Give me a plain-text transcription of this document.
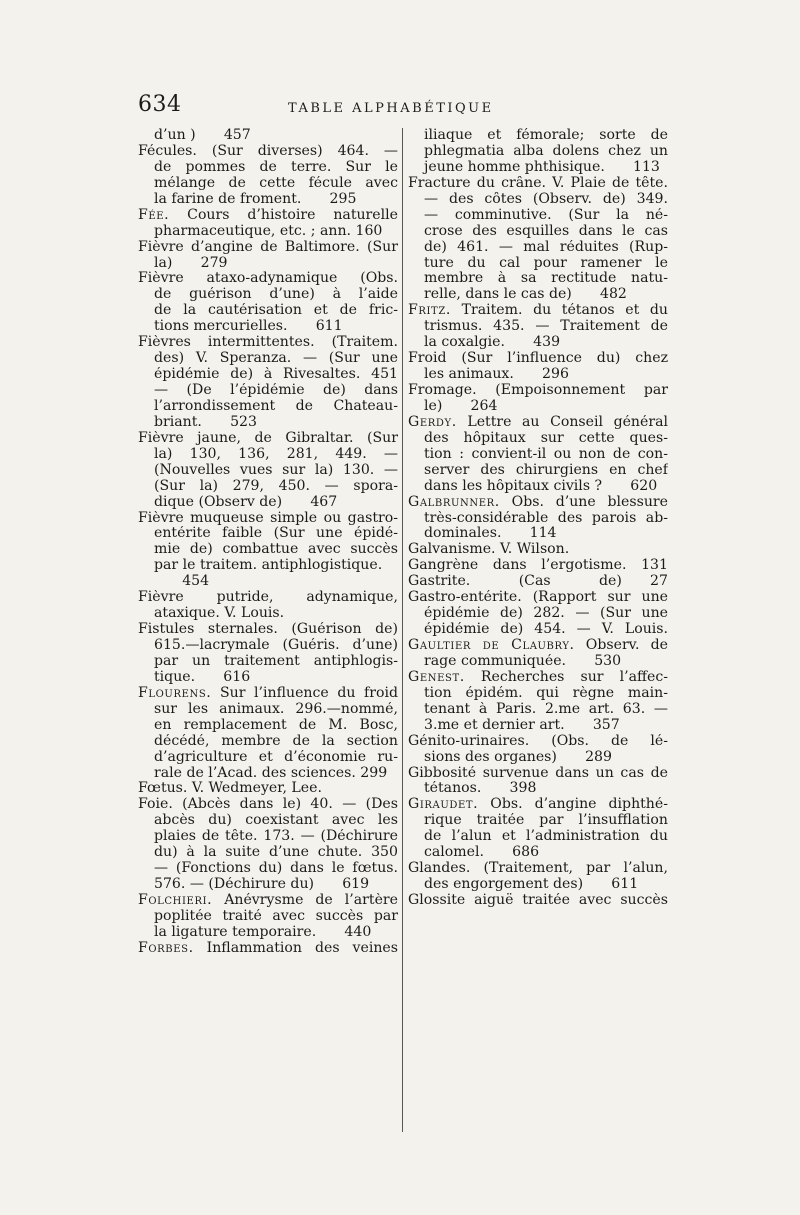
634	TABLE ALPHABÉTIQUE
d’un )  457
Fécules. (Sur diverses) 464. —
de pommes de terre. Sur le
mélange de cette fécule avec
la farine de froment.  295
Fée. Cours d’histoire naturelle
pharmaceutique, etc. ; ann. 160
Fièvre d’angine de Baltimore. (Sur
la)  279
Fièvre ataxo-adynamique (Obs.
de guérison d’une) à l’aide
de la cautérisation et de fric-
tions mercurielles.  611
Fièvres intermittentes. (Traitem.
des) V. Speranza. — (Sur une
épidémie de) à Rivesaltes. 451
— (De l’épidémie de) dans
l’arrondissement de Chateau-
briant.  523
Fièvre jaune, de Gibraltar. (Sur
la) 130, 136, 281, 449. —
(Nouvelles vues sur la) 130. —
(Sur la) 279, 450. — spora-
dique (Observ de)  467
Fièvre muqueuse simple ou gastro-
entérite faible (Sur une épidé-
mie de) combattue avec succès
par le traitem. antiphlogistique.
  454
Fièvre putride, adynamique,
ataxique. V. Louis.
Fistules sternales. (Guérison de)
615.—lacrymale (Guéris. d’une)
par un traitement antiphlogis-
tique.  616
Flourens. Sur l’influence du froid
sur les animaux. 296.—nommé,
en remplacement de M. Bosc,
décédé, membre de la section
d’agriculture et d’économie ru-
rale de l’Acad. des sciences. 299
Fœtus. V. Wedmeyer, Lee.
Foie. (Abcès dans le) 40. — (Des
abcès du) coexistant avec les
plaies de tête. 173. — (Déchirure
du) à la suite d’une chute. 350
— (Fonctions du) dans le fœtus.
576. — (Déchirure du)  619
Folchieri. Anévrysme de l’artère
poplitée traité avec succès par
la ligature temporaire.  440
Forbes. Inflammation des veines
iliaque et fémorale; sorte de
phlegmatia alba dolens chez un
jeune homme phthisique.  113
Fracture du crâne. V. Plaie de tête.
— des côtes (Observ. de) 349.
— comminutive. (Sur la né-
crose des esquilles dans le cas
de) 461. — mal réduites (Rup-
ture du cal pour ramener le
membre à sa rectitude natu-
relle, dans le cas de)  482
Fritz. Traitem. du tétanos et du
trismus. 435. — Traitement de
la coxalgie.  439
Froid (Sur l’influence du) chez
les animaux.  296
Fromage. (Empoisonnement par
le)  264
Gerdy. Lettre au Conseil général
des hôpitaux sur cette ques-
tion : convient-il ou non de con-
server des chirurgiens en chef
dans les hôpitaux civils ?  620
Galbrunner. Obs. d’une blessure
très-considérable des parois ab-
dominales.  114
Galvanisme. V. Wilson.
Gangrène dans l’ergotisme. 131
Gastrite. (Cas de)  27
Gastro-entérite. (Rapport sur une
épidémie de) 282. — (Sur une
épidémie de) 454. — V. Louis.
Gaultier de Claubry. Observ. de
rage communiquée.  530
Genest. Recherches sur l’affec-
tion épidém. qui règne main-
tenant à Paris. 2.me art. 63. —
3.me et dernier art.  357
Génito-urinaires. (Obs. de lé-
sions des organes)  289
Gibbosité survenue dans un cas de
tétanos.  398
Giraudet. Obs. d’angine diphthé-
rique traitée par l’insufflation
de l’alun et l’administration du
calomel.  686
Glandes. (Traitement, par l’alun,
des engorgement des)  611
Glossite aiguë traitée avec succès
